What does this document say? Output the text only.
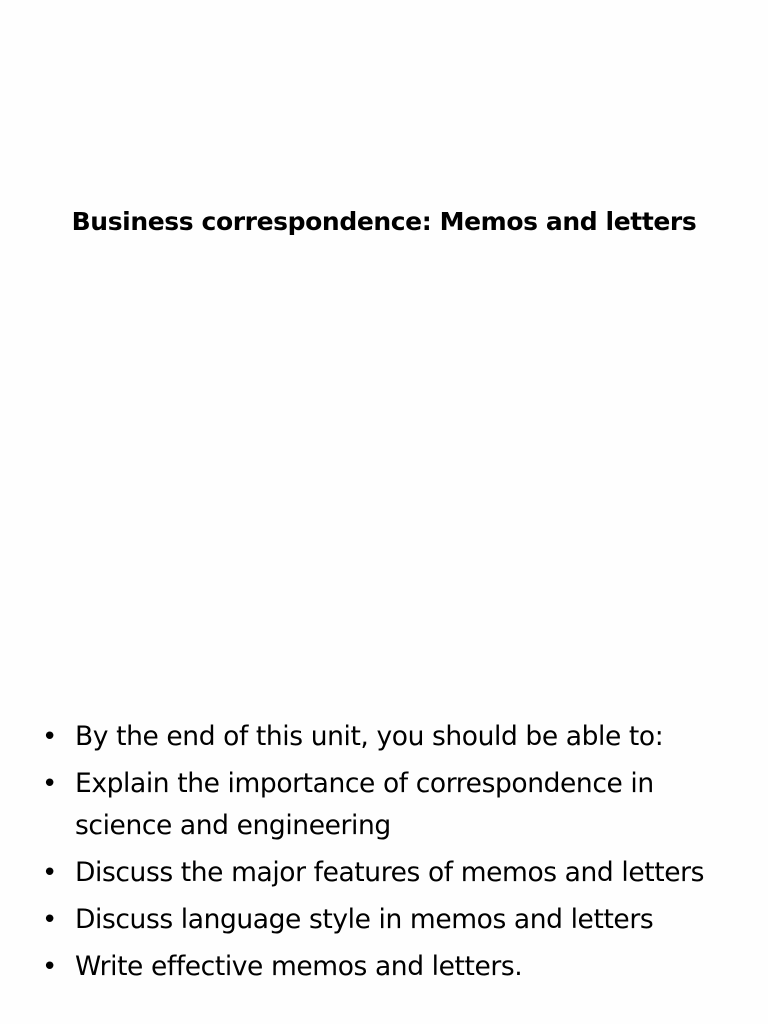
Business correspondence: Memos and letters
• By the end of this unit, you should be able to:
• Explain the importance of correspondence in science and engineering
• Discuss the major features of memos and letters
• Discuss language style in memos and letters
• Write effective memos and letters.
